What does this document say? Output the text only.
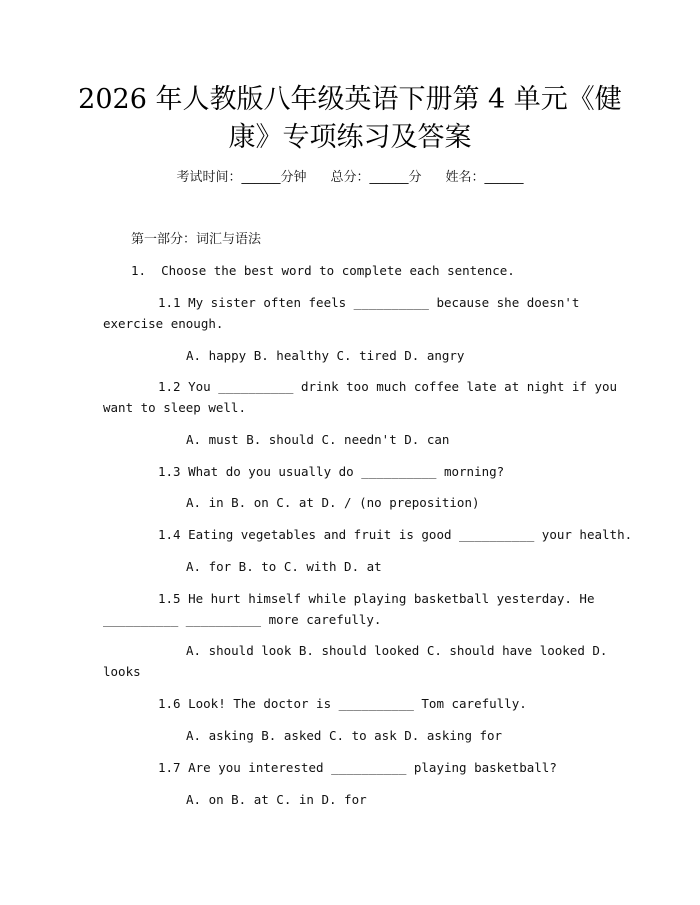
2026 年人教版八年级英语下册第 4 单元《健
康》专项练习及答案
考试时间：______分钟 总分：______分 姓名：______
第一部分：词汇与语法
1.  Choose the best word to complete each sentence.
1.1 My sister often feels __________ because she doesn't
exercise enough.
A. happy B. healthy C. tired D. angry
1.2 You __________ drink too much coffee late at night if you
want to sleep well.
A. must B. should C. needn't D. can
1.3 What do you usually do __________ morning?
A. in B. on C. at D. / (no preposition)
1.4 Eating vegetables and fruit is good __________ your health.
A. for B. to C. with D. at
1.5 He hurt himself while playing basketball yesterday. He
__________ __________ more carefully.
A. should look B. should looked C. should have looked D.
looks
1.6 Look! The doctor is __________ Tom carefully.
A. asking B. asked C. to ask D. asking for
1.7 Are you interested __________ playing basketball?
A. on B. at C. in D. for
